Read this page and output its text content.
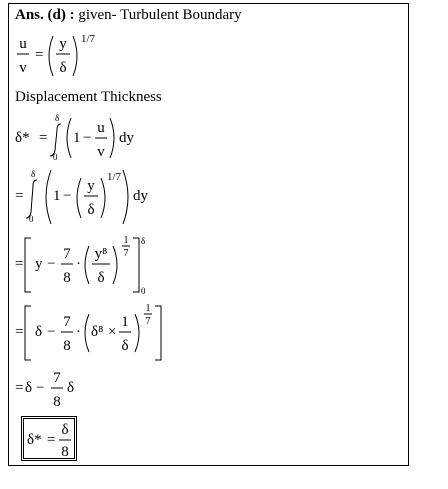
Ans. (d) : given- Turbulent Boundary
u
v
=
y
δ
1/7
Displacement Thickness
δ* =
δ
0
1 −
u
v
dy
=
δ
0
1 −
y
δ
1/7
dy
= y −
7
8
·
y⁸
δ
1
7
δ
0
= δ −
7
8
· δ⁸ ×
1
δ
1
7
= δ −
7
8
δ
δ* =
δ
8
